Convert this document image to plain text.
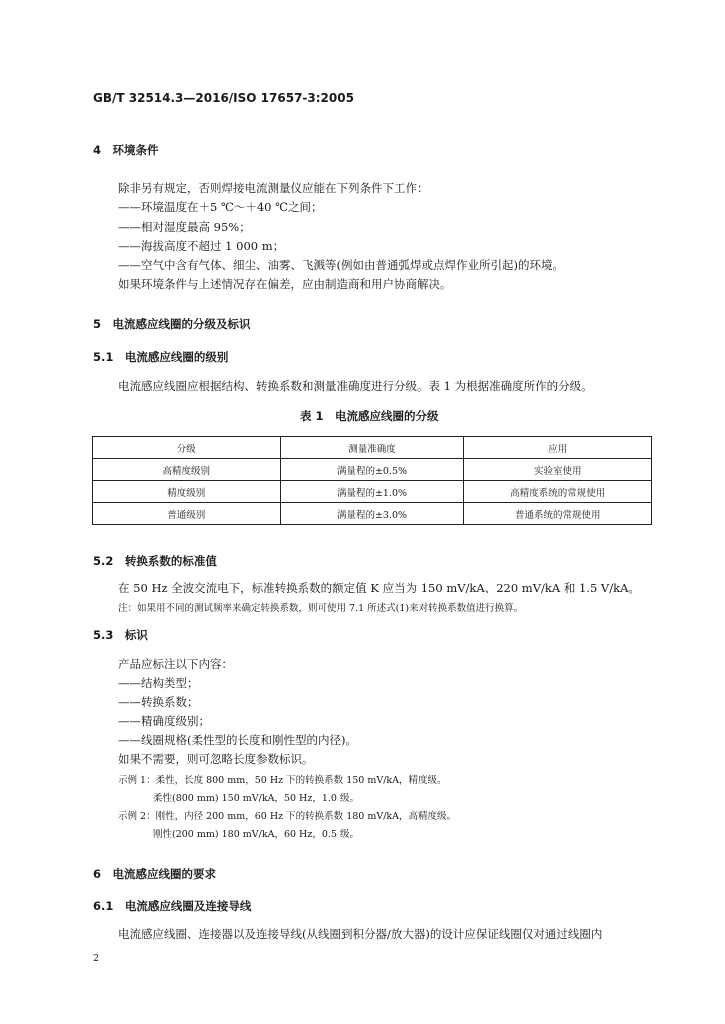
GB/T 32514.3—2016/ISO 17657-3:2005
4　环境条件
除非另有规定，否则焊接电流测量仪应能在下列条件下工作：
——环境温度在＋5 ℃～＋40 ℃之间；
——相对湿度最高 95%；
——海拔高度不超过 1 000 m；
——空气中含有气体、细尘、油雾、飞溅等(例如由普通弧焊或点焊作业所引起)的环境。
如果环境条件与上述情况存在偏差，应由制造商和用户协商解决。
5　电流感应线圈的分级及标识
5.1　电流感应线圈的级别
电流感应线圈应根据结构、转换系数和测量准确度进行分级。表 1 为根据准确度所作的分级。
表 1　电流感应线圈的分级
分级	测量准确度	应用
高精度级别	满量程的±0.5%	实验室使用
精度级别	满量程的±1.0%	高精度系统的常规使用
普通级别	满量程的±3.0%	普通系统的常规使用
5.2　转换系数的标准值
在 50 Hz 全波交流电下，标准转换系数的额定值 K 应当为 150 mV/kA、220 mV/kA 和 1.5 V/kA。
注：如果用不同的测试频率来确定转换系数，则可使用 7.1 所述式(1)来对转换系数值进行换算。
5.3　标识
产品应标注以下内容：
——结构类型；
——转换系数；
——精确度级别；
——线圈规格(柔性型的长度和刚性型的内径)。
如果不需要，则可忽略长度参数标识。
示例 1：柔性，长度 800 mm，50 Hz 下的转换系数 150 mV/kA，精度级。
柔性(800 mm) 150 mV/kA，50 Hz，1.0 级。
示例 2：刚性，内径 200 mm，60 Hz 下的转换系数 180 mV/kA，高精度级。
刚性(200 mm) 180 mV/kA，60 Hz，0.5 级。
6　电流感应线圈的要求
6.1　电流感应线圈及连接导线
电流感应线圈、连接器以及连接导线(从线圈到积分器/放大器)的设计应保证线圈仅对通过线圈内
2
